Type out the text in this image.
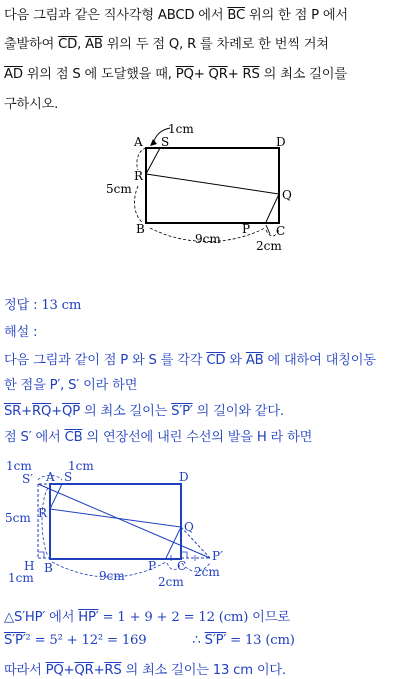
다음 그림과 같은 직사각형 ABCD 에서 $\overline{BC}$ 위의 한 점 P 에서
출발하여 $\overline{CD}$, $\overline{AB}$ 위의 두 점 Q, R 를 차례로 한 번씩 거쳐
$\overline{AD}$ 위의 점 S 에 도달했을 때, $\overline{PQ}+ \overline{QR}+ \overline{RS}$ 의 최소 길이를
구하시오.
1cm
A S	D
R
Q
5cm
B	P C
9cm	2cm
정답 : 13 cm
해설 :
다음 그림과 같이 점 P 와 S 를 각각 $\overline{CD}$ 와 $\overline{AB}$ 에 대하여 대칭이동
한 점을 P′, S′ 이라 하면
$\overline{SR}+\overline{RQ}+\overline{QP}$ 의 최소 길이는 S′P′ 의 길이와 같다.
점 S′ 에서 $\overline{CB}$ 의 연장선에 내린 수선의 발을 H 라 하면
1cm	1cm
S′ A S	D
R
5cm
Q
P′
H B	P C
1cm	9cm	2cm
2cm
△S′HP′ 에서 HP′ = 1 + 9 + 2 = 12 (cm) 이므로
S′P′² = 5² + 12² = 169	∴ S′P′ = 13 (cm)
따라서 $\overline{PQ}+\overline{QR}+\overline{RS}$ 의 최소 길이는 13 cm 이다.
